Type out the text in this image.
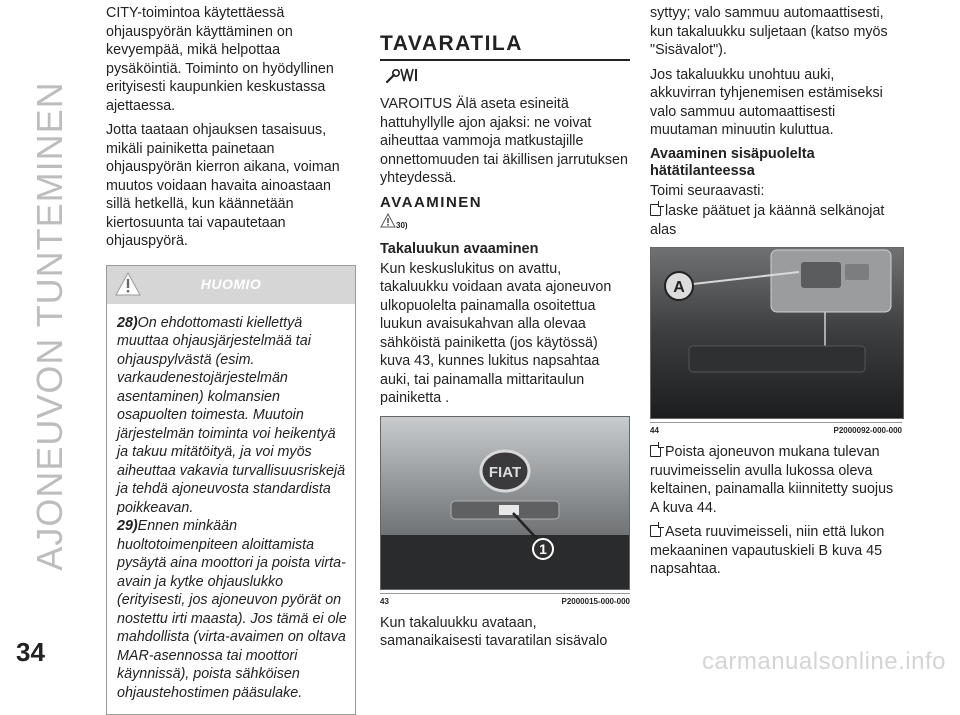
AJONEUVON TUNTEMINEN

CITY-toimintoa käytettäessä ohjauspyörän käyttäminen on kevyempää, mikä helpottaa pysäköintiä. Toiminto on hyödyllinen erityisesti kaupunkien keskustassa ajettaessa.

Jotta taataan ohjauksen tasaisuus, mikäli painiketta painetaan ohjauspyörän kierron aikana, voiman muutos voidaan havaita ainoastaan sillä hetkellä, kun käännetään kiertosuunta tai vapautetaan ohjauspyörä.

HUOMIO

28)On ehdottomasti kiellettyä muuttaa ohjausjärjestelmää tai ohjauspylvästä (esim. varkaudenestojärjestelmän asentaminen) kolmansien osapuolten toimesta. Muutoin järjestelmän toiminta voi heikentyä ja takuu mitätöityä, ja voi myös aiheuttaa vakavia turvallisuusriskejä ja tehdä ajoneuvosta standardista poikkeavan.

29)Ennen minkään huoltotoimenpiteen aloittamista pysäytä aina moottori ja poista virta-avain ja kytke ohjauslukko (erityisesti, jos ajoneuvon pyörät on nostettu irti maasta). Jos tämä ei ole mahdollista (virta-avaimen on oltava MAR-asennossa tai moottori käynnissä), poista sähköisen ohjaustehostimen pääsulake.

TAVARATILA

VAROITUS Älä aseta esineitä hattuhyllylle ajon ajaksi: ne voivat aiheuttaa vammoja matkustajille onnettomuuden tai äkillisen jarrutuksen yhteydessä.

AVAAMINEN
30)
Takaluukun avaaminen

Kun keskuslukitus on avattu, takaluukku voidaan avata ajoneuvon ulkopuolelta painamalla osoitettua luukun avaisukahvan alla olevaa sähköistä painiketta (jos käytössä) kuva 43, kunnes lukitus napsahtaa auki, tai painamalla mittaritaulun painiketta .

FIAT
1
43	P2000015-000-000

Kun takaluukku avataan, samanaikaisesti tavaratilan sisävalo

syttyy; valo sammuu automaattisesti, kun takaluukku suljetaan (katso myös "Sisävalot").

Jos takaluukku unohtuu auki, akkuvirran tyhjenemisen estämiseksi valo sammuu automaattisesti muutaman minuutin kuluttua.

Avaaminen sisäpuolelta hätätilanteessa

Toimi seuraavasti:

laske päätuet ja käännä selkänojat alas

A
44	P2000092-000-000

Poista ajoneuvon mukana tulevan ruuvimeisselin avulla lukossa oleva keltainen, painamalla kiinnitetty suojus A kuva 44.

Aseta ruuvimeisseli, niin että lukon mekaaninen vapautuskieli B kuva 45 napsahtaa.

34	carmanualsonline.info
